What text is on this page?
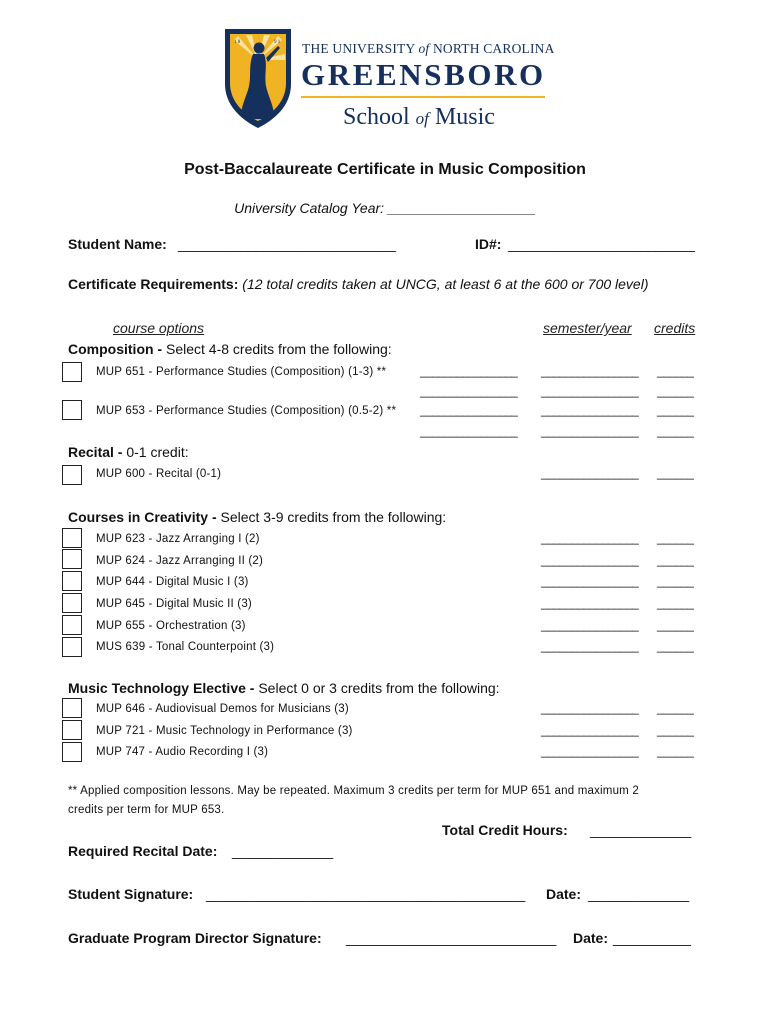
1 8	9 1 THE UNIVERSITY of NORTH CAROLINA
GREENSBORO
School of Music
Post-Baccalaureate Certificate in Music Composition
University Catalog Year: ___________________
Student Name: ____________________________	ID#: ________________________
Certificate Requirements: (12 total credits taken at UNCG, at least 6 at the 600 or 700 level)
course options	semester/year credits
Composition - Select 4-8 credits from the following:
MUP 651 - Performance Studies (Composition) (1-3) **	________________ ________________ ______
________________ ________________ ______
MUP 653 - Performance Studies (Composition) (0.5-2) ** ________________ ________________ ______
________________ ________________ ______
Recital - 0-1 credit:
MUP 600 - Recital (0-1)	________________ ______
Courses in Creativity - Select 3-9 credits from the following:
MUP 623 - Jazz Arranging I (2)	________________ ______
MUP 624 - Jazz Arranging II (2)	________________ ______
MUP 644 - Digital Music I (3)	________________ ______
MUP 645 - Digital Music II (3)	________________ ______
MUP 655 - Orchestration (3)	________________ ______
MUS 639 - Tonal Counterpoint (3)	________________ ______
Music Technology Elective - Select 0 or 3 credits from the following:
MUP 646 - Audiovisual Demos for Musicians (3)	________________ ______
MUP 721 - Music Technology in Performance (3)	________________ ______
MUP 747 - Audio Recording I (3)	________________ ______
** Applied composition lessons. May be repeated. Maximum 3 credits per term for MUP 651 and maximum 2
credits per term for MUP 653.
Total Credit Hours: _____________
Required Recital Date: _____________
Student Signature: _________________________________________ Date: _____________
Graduate Program Director Signature: ___________________________ Date: __________
